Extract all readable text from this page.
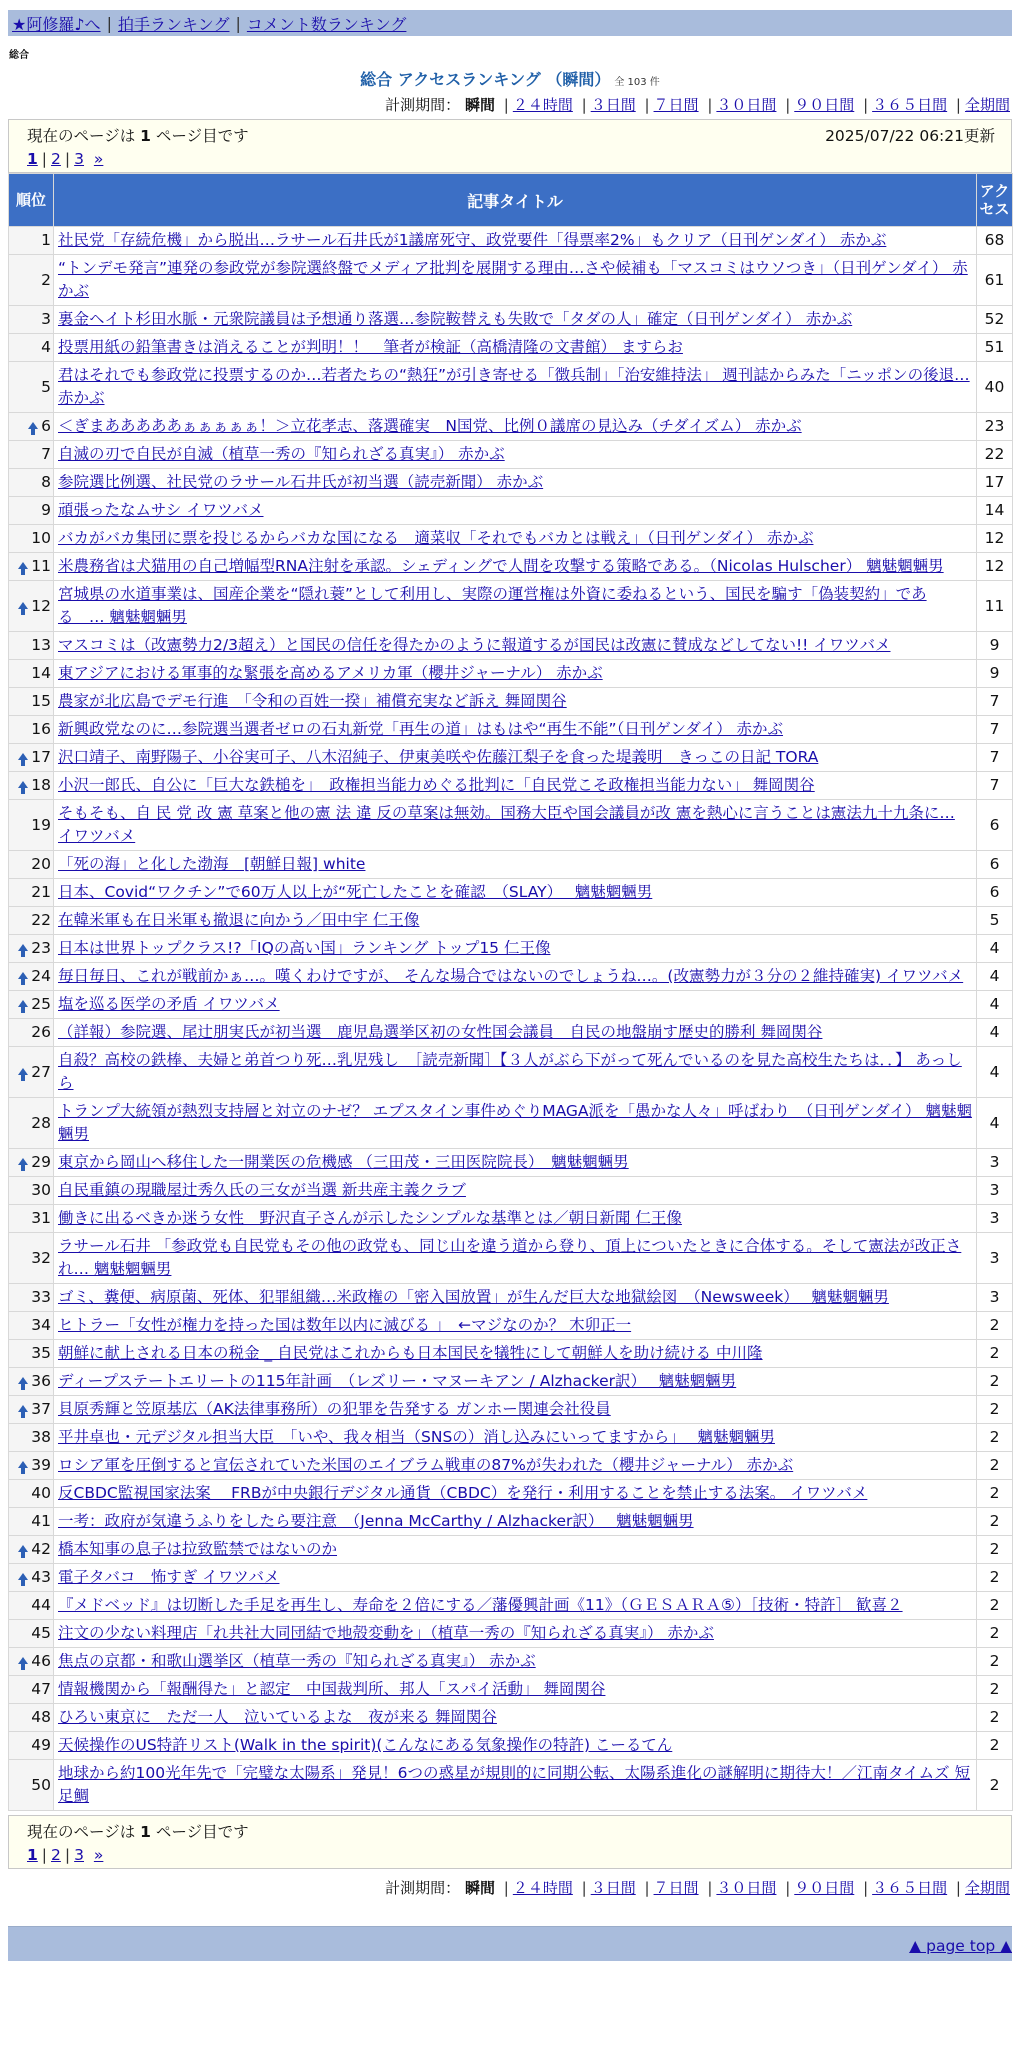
★阿修羅♪へ | 拍手ランキング | コメント数ランキング
総合
総合 アクセスランキング （瞬間） 全 103 件
計測期間： 瞬間 | ２４時間 | ３日間 | ７日間 | ３０日間 | ９０日間 | ３６５日間 | 全期間
現在のページは 1 ページ目です	2025/07/22 06:21更新
1 | 2 | 3 »
順位	記事タイトル	アクセス
1	社民党「存続危機」から脱出…ラサール石井氏が1議席死守、政党要件「得票率2%」もクリア（日刊ゲンダイ） 赤かぶ	68
2	“トンデモ発言”連発の参政党が参院選終盤でメディア批判を展開する理由…さや候補も「マスコミはウソつき」（日刊ゲンダイ） 赤かぶ	61
3	裏金ヘイト杉田水脈・元衆院議員は予想通り落選…参院鞍替えも失敗で「タダの人」確定（日刊ゲンダイ） 赤かぶ	52
4	投票用紙の鉛筆書きは消えることが判明！！　筆者が検証（高橋清隆の文書館） ますらお	51
5	君はそれでも参政党に投票するのか…若者たちの“熱狂”が引き寄せる「徴兵制」「治安維持法」 週刊誌からみた「ニッポンの後退… 赤かぶ	40
6	＜ぎまあああああぁぁぁぁぁ！＞立花孝志、落選確実　N国党、比例０議席の見込み（チダイズム） 赤かぶ	23
7	自滅の刃で自民が自滅（植草一秀の『知られざる真実』） 赤かぶ	22
8	参院選比例選、社民党のラサール石井氏が初当選（読売新聞） 赤かぶ	17
9	頑張ったなムサシ イワツバメ	14
10	バカがバカ集団に票を投じるからバカな国になる　適菜収「それでもバカとは戦え」（日刊ゲンダイ） 赤かぶ	12
11	米農務省は犬猫用の自己増幅型RNA注射を承認。シェディングで人間を攻撃する策略である。（Nicolas Hulscher） 魑魅魍魎男	12
12	宮城県の水道事業は、国産企業を“隠れ蓑”として利用し、実際の運営権は外資に委ねるという、国民を騙す「偽装契約」である　… 魑魅魍魎男	11
13	マスコミは（改憲勢力2/3超え）と国民の信任を得たかのように報道するが国民は改憲に賛成などしてない!! イワツバメ	9
14	東アジアにおける軍事的な緊張を高めるアメリカ軍（櫻井ジャーナル） 赤かぶ	9
15	農家が北広島でデモ行進　「令和の百姓一揆」補償充実など訴え 舞岡関谷	7
16	新興政党なのに…参院選当選者ゼロの石丸新党「再生の道」はもはや“再生不能”（日刊ゲンダイ） 赤かぶ	7
17	沢口靖子、南野陽子、小谷実可子、八木沼純子、伊東美咲や佐藤江梨子を食った堤義明　きっこの日記 TORA	7
18	小沢一郎氏、自公に「巨大な鉄槌を」　政権担当能力めぐる批判に「自民党こそ政権担当能力ない」 舞岡関谷	7
19	そもそも、自 民 党 改 憲 草案と他の憲 法 違 反の草案は無効。国務大臣や国会議員が改 憲を熱心に言うことは憲法九十九条に… イワツバメ	6
20	「死の海」と化した渤海　[朝鮮日報] white	6
21	日本、Covid“ワクチン”で60万人以上が“死亡したことを確認　（SLAY）　 魑魅魍魎男	6
22	在韓米軍も在日米軍も撤退に向かう／田中宇 仁王像	5
23	日本は世界トップクラス!?「IQの高い国」ランキング トップ15 仁王像	4
24	毎日毎日、これが戦前かぁ…。嘆くわけですが、 そんな場合ではないのでしょうね…。(改憲勢力が３分の２維持確実) イワツバメ	4
25	塩を巡る医学の矛盾 イワツバメ	4
26	（詳報）参院選、尾辻朋実氏が初当選　鹿児島選挙区初の女性国会議員　自民の地盤崩す歴史的勝利 舞岡関谷	4
27	自殺？高校の鉄棒、夫婦と弟首つり死…乳児残し　［読売新聞］【３人がぶら下がって死んでいるのを見た高校生たちは．．】 あっしら	4
28	トランプ大統領が熱烈支持層と対立のナゼ？ エプスタイン事件めぐりMAGA派を「愚かな人々」呼ばわり　（日刊ゲンダイ） 魑魅魍魎男	4
29	東京から岡山へ移住した一開業医の危機感 （三田茂・三田医院院長）　魑魅魍魎男	3
30	自民重鎮の現職屋辻秀久氏の三女が当選 新共産主義クラブ	3
31	働きに出るべきか迷う女性　野沢直子さんが示したシンプルな基準とは／朝日新聞 仁王像	3
32	ラサール石井 「参政党も自民党もその他の政党も、同じ山を違う道から登り、頂上についたときに合体する。そして憲法が改正され… 魑魅魍魎男	3
33	ゴミ、糞便、病原菌、死体、犯罪組織…米政権の「密入国放置」が生んだ巨大な地獄絵図　（Newsweek）　 魑魅魍魎男	3
34	ヒトラー「女性が権力を持った国は数年以内に滅びる 」　←マジなのか？ 木卯正一	2
35	朝鮮に献上される日本の税金 _ 自民党はこれからも日本国民を犠牲にして朝鮮人を助け続ける 中川隆	2
36	ディープステートエリートの115年計画　（レズリー・マヌーキアン / Alzhacker訳）　 魑魅魍魎男	2
37	貝原秀輝と笠原基広（AK法律事務所）の犯罪を告発する ガンホー関連会社役員	2
38	平井卓也・元デジタル担当大臣　「いや、我々相当（SNSの）消し込みにいってますから」　 魑魅魍魎男	2
39	ロシア軍を圧倒すると宣伝されていた米国のエイブラム戦車の87%が失われた（櫻井ジャーナル） 赤かぶ	2
40	反CBDC監視国家法案　 FRBが中央銀行デジタル通貨（CBDC）を発行・利用することを禁止する法案。 イワツバメ	2
41	一考：政府が気違うふりをしたら要注意　（Jenna McCarthy / Alzhacker訳）　 魑魅魍魎男	2
42	橋本知事の息子は拉致監禁ではないのか	2
43	電子タバコ　怖すぎ イワツバメ	2
44	『メドベッド』は切断した手足を再生し、寿命を２倍にする／藩優興計画《11》（ＧＥＳＡＲＡ⑤）［技術・特許］ 歓喜２	2
45	注文の少ない料理店「れ共社大同団結で地殻変動を」（植草一秀の『知られざる真実』） 赤かぶ	2
46	焦点の京都・和歌山選挙区（植草一秀の『知られざる真実』） 赤かぶ	2
47	情報機関から「報酬得た」と認定　中国裁判所、邦人「スパイ活動」 舞岡関谷	2
48	ひろい東京に　ただ一人　泣いているよな　夜が来る 舞岡関谷	2
49	天候操作のUS特許リスト(Walk in the spirit)(こんなにある気象操作の特許) こーるてん	2
50	地球から約100光年先で「完璧な太陽系」発見！6つの惑星が規則的に同期公転、太陽系進化の謎解明に期待大！／江南タイムズ 短足鯛	2
現在のページは 1 ページ目です
1 | 2 | 3 »
計測期間： 瞬間 | ２４時間 | ３日間 | ７日間 | ３０日間 | ９０日間 | ３６５日間 | 全期間
▲ page top ▲
